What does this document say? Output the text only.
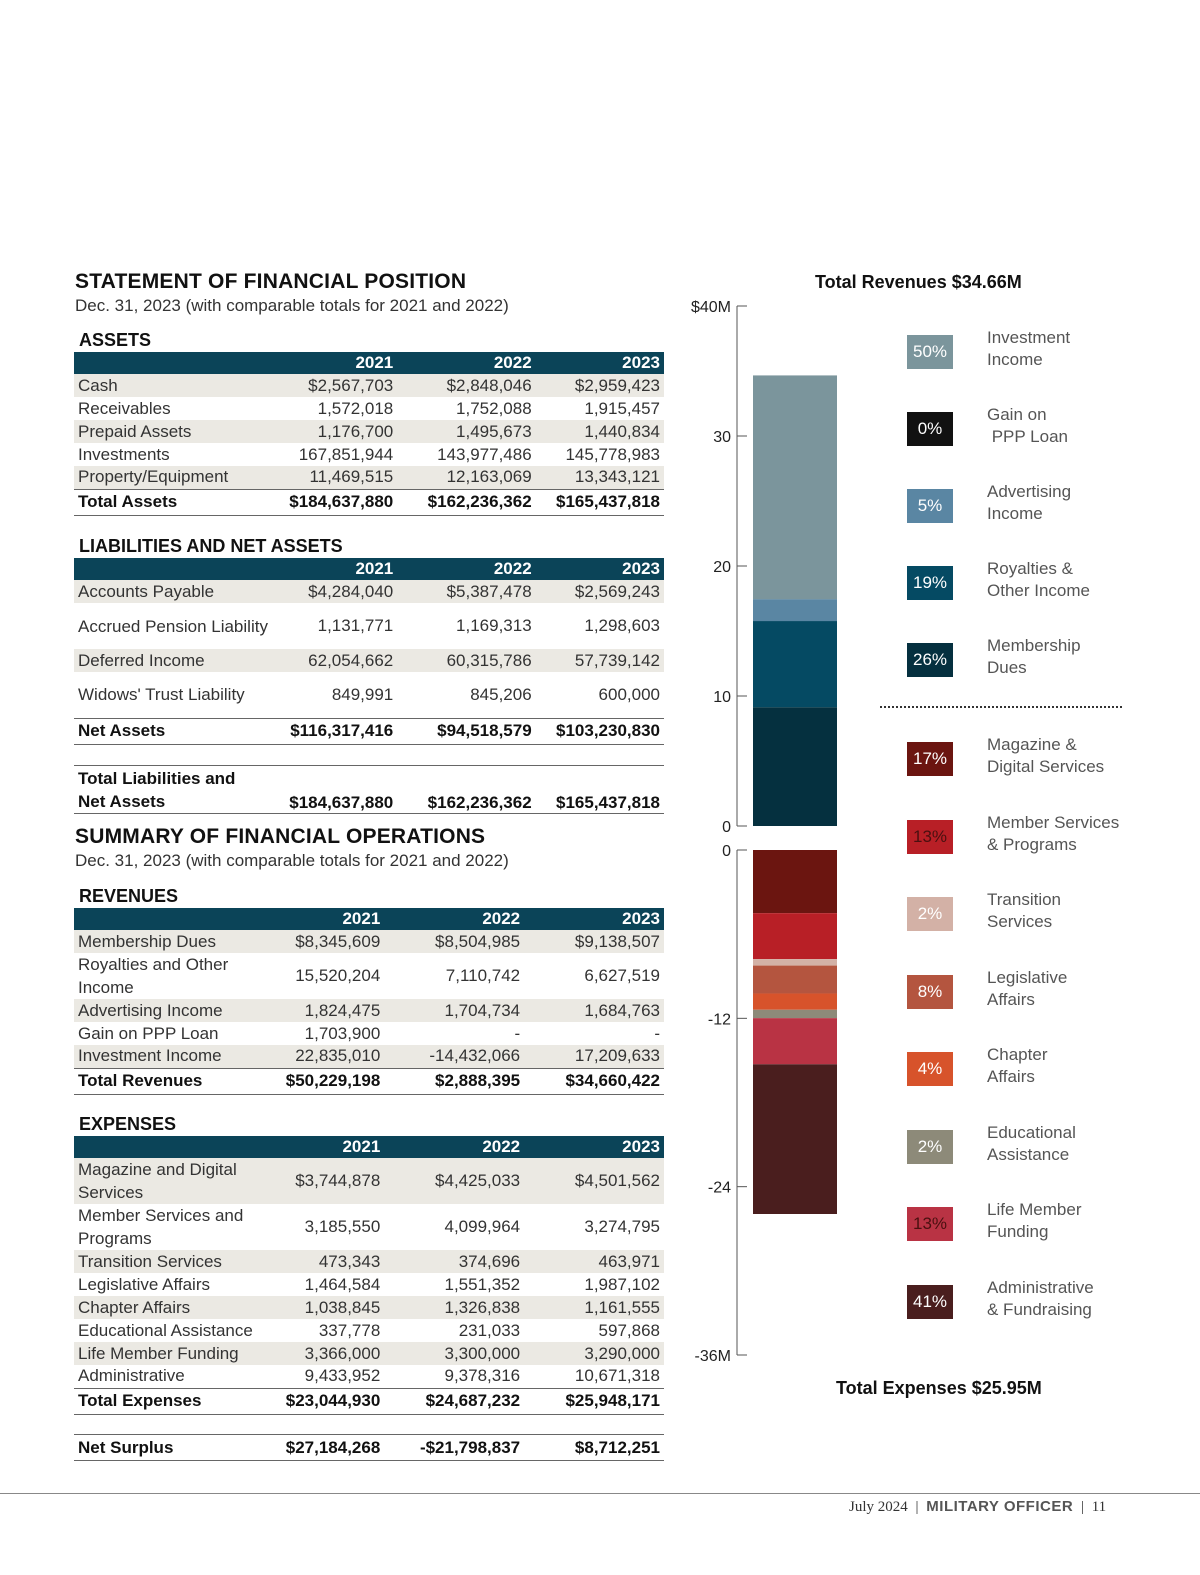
STATEMENT OF FINANCIAL POSITION
Dec. 31, 2023 (with comparable totals for 2021 and 2022)
ASSETS
	2021	2022	2023
Cash	$2,567,703	$2,848,046	$2,959,423
Receivables	1,572,018	1,752,088	1,915,457
Prepaid Assets	1,176,700	1,495,673	1,440,834
Investments	167,851,944	143,977,486	145,778,983
Property/Equipment	11,469,515	12,163,069	13,343,121
Total Assets	$184,637,880	$162,236,362	$165,437,818
LIABILITIES AND NET ASSETS
	2021	2022	2023
Accounts Payable	$4,284,040	$5,387,478	$2,569,243
Accrued Pension Liability	1,131,771	1,169,313	1,298,603
Deferred Income	62,054,662	60,315,786	57,739,142
Widows' Trust Liability	849,991	845,206	600,000
Net Assets	$116,317,416	$94,518,579	$103,230,830
Total Liabilities and Net Assets	$184,637,880	$162,236,362	$165,437,818
SUMMARY OF FINANCIAL OPERATIONS
Dec. 31, 2023 (with comparable totals for 2021 and 2022)
REVENUES
	2021	2022	2023
Membership Dues	$8,345,609	$8,504,985	$9,138,507
Royalties and Other Income	15,520,204	7,110,742	6,627,519
Advertising Income	1,824,475	1,704,734	1,684,763
Gain on PPP Loan	1,703,900	-	-
Investment Income	22,835,010	-14,432,066	17,209,633
Total Revenues	$50,229,198	$2,888,395	$34,660,422
EXPENSES
	2021	2022	2023
Magazine and Digital Services	$3,744,878	$4,425,033	$4,501,562
Member Services and Programs	3,185,550	4,099,964	3,274,795
Transition Services	473,343	374,696	463,971
Legislative Affairs	1,464,584	1,551,352	1,987,102
Chapter Affairs	1,038,845	1,326,838	1,161,555
Educational Assistance	337,778	231,033	597,868
Life Member Funding	3,366,000	3,300,000	3,290,000
Administrative	9,433,952	9,378,316	10,671,318
Total Expenses	$23,044,930	$24,687,232	$25,948,171
Net Surplus	$27,184,268	-$21,798,837	$8,712,251
Total Revenues $34.66M
$40M
30
20
10
0
0
-12
-24
-36M
50%
Investment
Income
0%
Gain on
PPP Loan
5%
Advertising
Income
19%
Royalties &
Other Income
26%
Membership
Dues
17%
Magazine &
Digital Services
13%
Member Services
& Programs
2%
Transition
Services
8%
Legislative
Affairs
4%
Chapter
Affairs
2%
Educational
Assistance
13%
Life Member
Funding
41%
Administrative
& Fundraising
Total Expenses $25.95M
July 2024 | MILITARY OFFICER | 11
